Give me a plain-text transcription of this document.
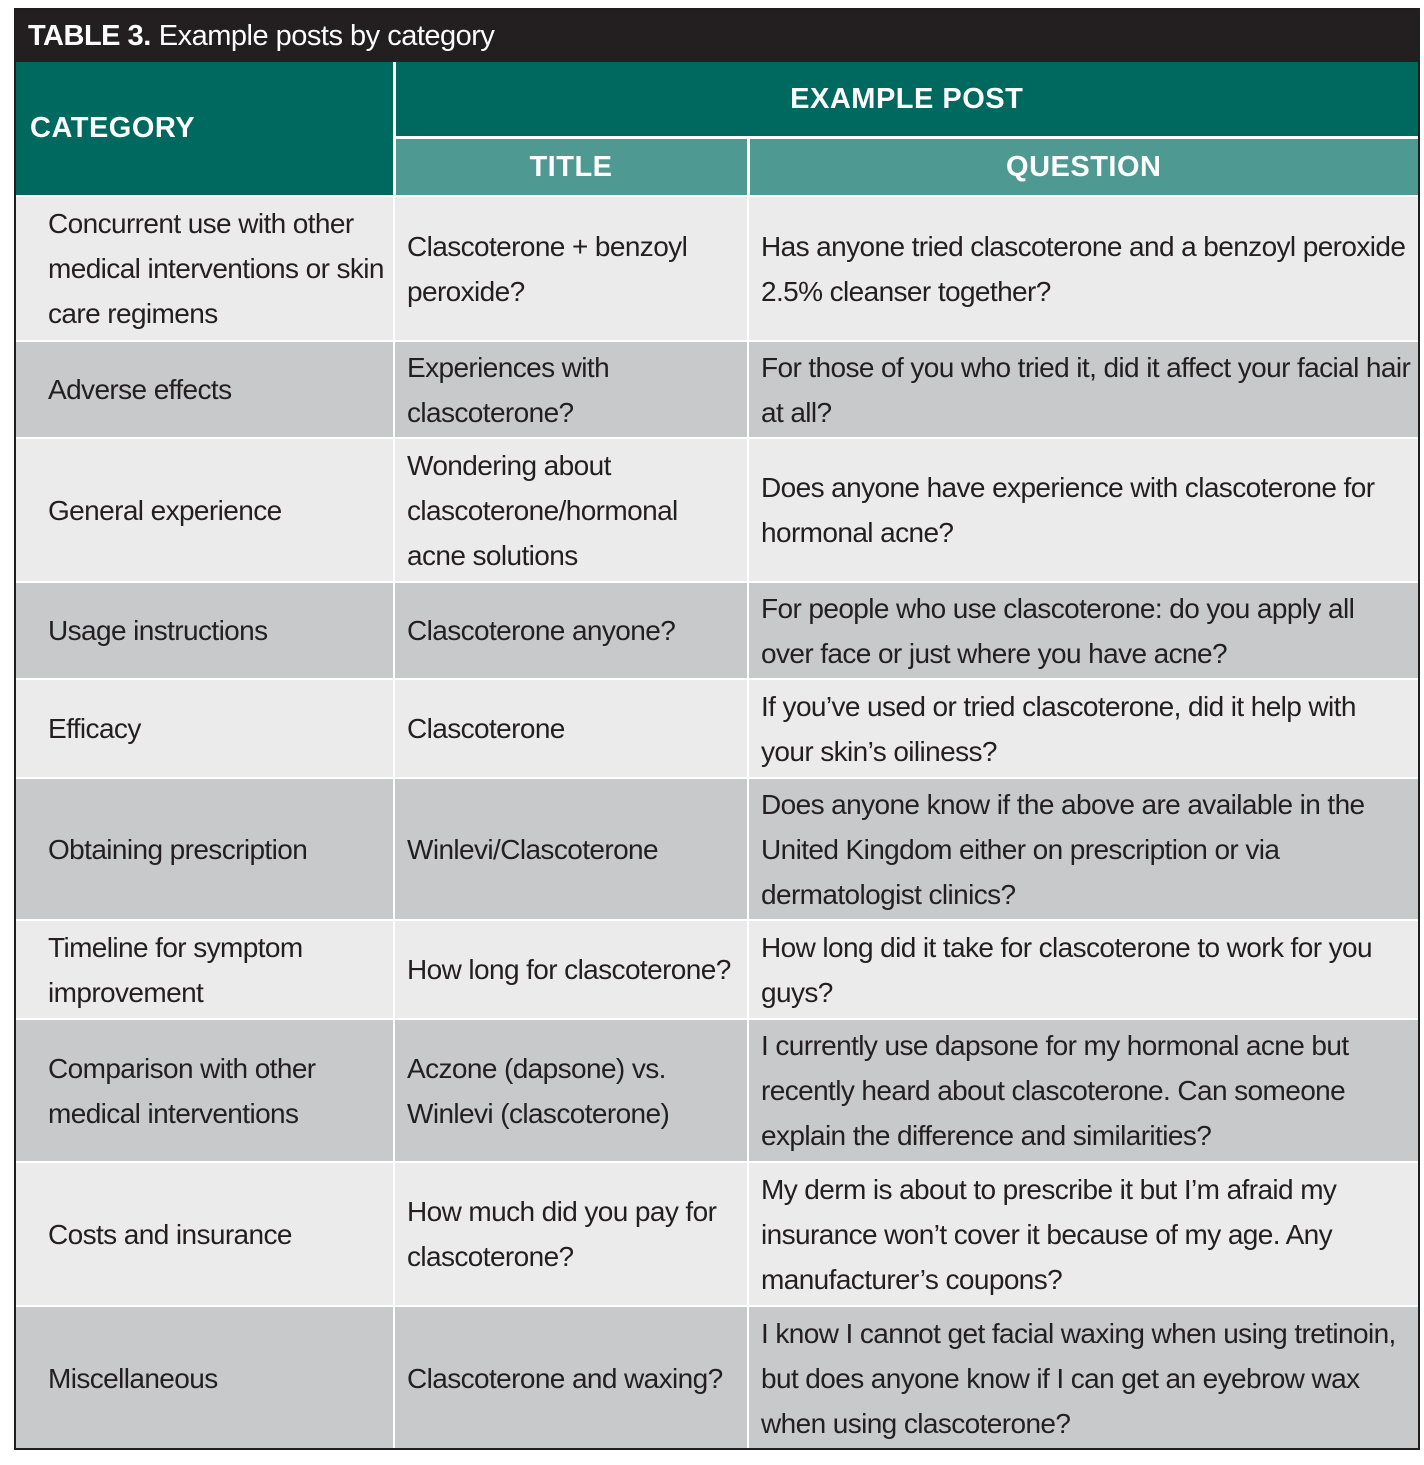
TABLE 3. Example posts by category
CATEGORY	EXAMPLE POST	
	TITLE	QUESTION
Concurrent use with other medical interventions or skin care regimens	Clascoterone + benzoyl peroxide?	Has anyone tried clascoterone and a benzoyl peroxide 2.5% cleanser together?
Adverse effects	Experiences with clascoterone?	For those of you who tried it, did it affect your facial hair at all?
General experience	Wondering about clascoterone/hormonal acne solutions	Does anyone have experience with clascoterone for hormonal acne?
Usage instructions	Clascoterone anyone?	For people who use clascoterone: do you apply all over face or just where you have acne?
Efficacy	Clascoterone	If you’ve used or tried clascoterone, did it help with your skin’s oiliness?
Obtaining prescription	Winlevi/Clascoterone	Does anyone know if the above are available in the United Kingdom either on prescription or via dermatologist clinics?
Timeline for symptom improvement	How long for clascoterone?	How long did it take for clascoterone to work for you guys?
Comparison with other medical interventions	Aczone (dapsone) vs. Winlevi (clascoterone)	I currently use dapsone for my hormonal acne but recently heard about clascoterone. Can someone explain the difference and similarities?
Costs and insurance	How much did you pay for clascoterone?	My derm is about to prescribe it but I’m afraid my insurance won’t cover it because of my age. Any manufacturer’s coupons?
Miscellaneous	Clascoterone and waxing?	I know I cannot get facial waxing when using tretinoin, but does anyone know if I can get an eyebrow wax when using clascoterone?
